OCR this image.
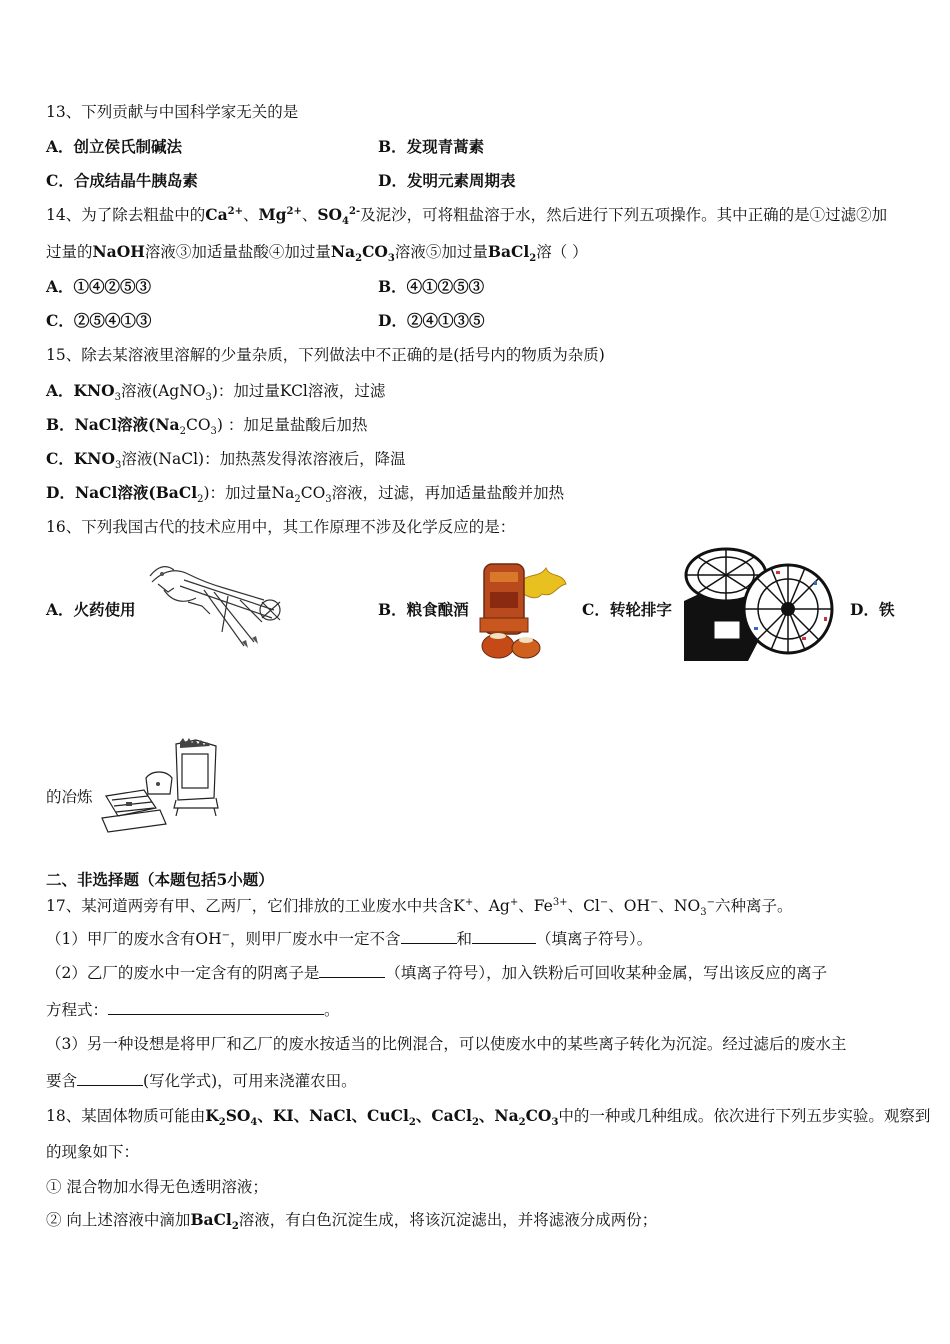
13、下列贡献与中国科学家无关的是
A．创立侯氏制碱法	B．发现青蒿素
C．合成结晶牛胰岛素	D．发明元素周期表
14、为了除去粗盐中的$Ca^{2+}$、$Mg^{2+}$、$SO_4^{2-}$及泥沙，可将粗盐溶于水，然后进行下列五项操作。其中正确的是①过滤②加
过量的NaOH溶液③加适量盐酸④加过量$Na_2CO_3$溶液⑤加过量BaCl$_2$溶（ ）
A．①④②⑤③	B．④①②⑤③
C．②⑤④①③	D．②④①③⑤
15、除去某溶液里溶解的少量杂质，下列做法中不正确的是(括号内的物质为杂质)
A．$KNO_3$溶液(AgNO$_3$)：加过量KCl溶液，过滤
B．NaCl溶液$(Na_2CO_3)$ ：加足量盐酸后加热
C．$KNO_3$溶液(NaCl)：加热蒸发得浓溶液后，降温
D．NaCl溶液(BaCl$_2$)：加过量$Na_2CO_3$溶液，过滤，再加适量盐酸并加热
16、下列我国古代的技术应用中，其工作原理不涉及化学反应的是：
A．火药使用	B．粮食酿酒	C．转轮排字	D．铁
的冶炼
二、非选择题（本题包括5小题）
17、某河道两旁有甲、乙两厂，它们排放的工业废水中共含K+、Ag+、$Fe^{3+}$、Cl−、OH−、$NO_3^-$六种离子。
（1）甲厂的废水含有OH−，则甲厂废水中一定不含	和	（填离子符号）。
（2）乙厂的废水中一定含有的阴离子是	（填离子符号），加入铁粉后可回收某种金属，写出该反应的离子
方程式：	。
（3）另一种设想是将甲厂和乙厂的废水按适当的比例混合，可以使废水中的某些离子转化为沉淀。经过滤后的废水主
要含	(写化学式)，可用来浇灌农田。
18、某固体物质可能由$K_2SO_4$、KI、NaCl、CuCl$_2$、CaCl$_2$、$Na_2CO_3$中的一种或几种组成。依次进行下列五步实验。观察到
的现象如下：
① 混合物加水得无色透明溶液；
② 向上述溶液中滴加BaCl$_2$溶液，有白色沉淀生成，将该沉淀滤出，并将滤液分成两份；
